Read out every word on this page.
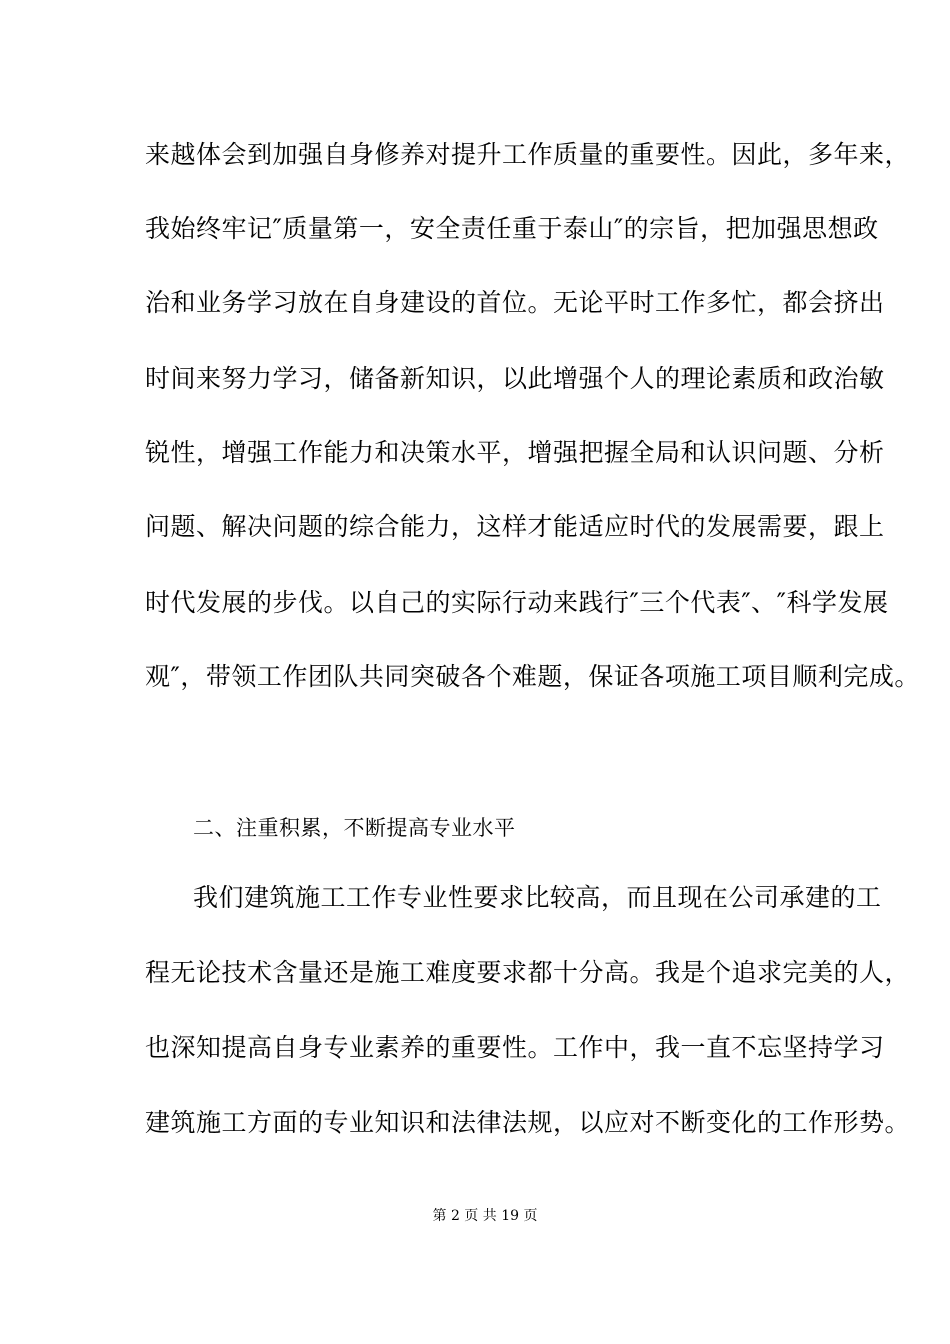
来越体会到加强自身修养对提升工作质量的重要性。因此，多年来，
我始终牢记″质量第一，安全责任重于泰山″的宗旨，把加强思想政
治和业务学习放在自身建设的首位。无论平时工作多忙，都会挤出
时间来努力学习，储备新知识，以此增强个人的理论素质和政治敏
锐性，增强工作能力和决策水平，增强把握全局和认识问题、分析
问题、解决问题的综合能力，这样才能适应时代的发展需要，跟上
时代发展的步伐。以自己的实际行动来践行″三个代表″、″科学发展
观″，带领工作团队共同突破各个难题，保证各项施工项目顺利完成。
二、注重积累，不断提高专业水平
我们建筑施工工作专业性要求比较高，而且现在公司承建的工
程无论技术含量还是施工难度要求都十分高。我是个追求完美的人，
也深知提高自身专业素养的重要性。工作中，我一直不忘坚持学习
建筑施工方面的专业知识和法律法规，以应对不断变化的工作形势。
第 2 页 共 19 页
